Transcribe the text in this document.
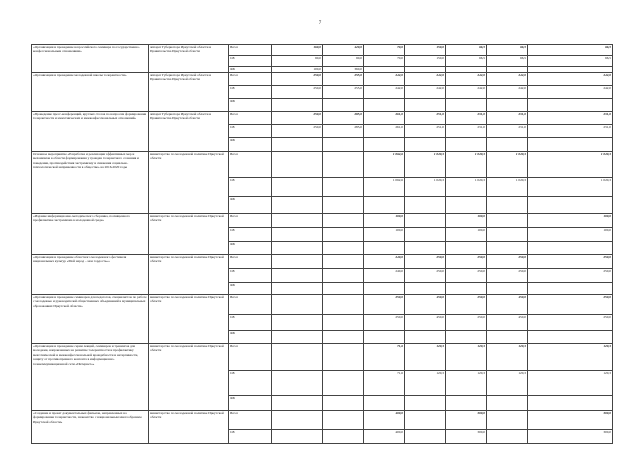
7
«Организация и проведение всероссийского семинара по государственно-конфессиональным отношениям»	аппарат Губернатора Иркутской области и Правительства Иркутской области	Всего	160,0	420,0	70,0	150,0	66,5	66,5	66,5
		ОБ	60,0	60,0	70,0	150,0	66,5	66,5	66,5
		ФБ	100,0	360,0					
«Организация и проведение молодежной школы толерантности»	аппарат Губернатора Иркутской области и Правительства Иркутской области	Всего	250,0	255,0	242,0	242,0	242,0	242,0	242,0
		ОБ	250,0	255,0	242,0	242,0	242,0	242,0	242,0
		ФБ							
«Проведение пресс-конференций, круглых столов по вопросам формирования толерантности и межэтнических и межконфессиональных отношений»	аппарат Губернатора Иркутской области и Правительства Иркутской области	Всего	250,0	285,0	261,0	251,0	231,0	231,0	231,0
		ОБ	250,0	285,0	261,0	251,0	231,0	231,0	231,0
		ФБ							
Основное мероприятие «Разработка и реализация эффективных мер и механизмов в области формирования у граждан толерантного сознания и поведения, противодействия экстремизму и снижения социально-психологической напряженности в обществе» на 2016-2020 годы	министерство по молодежной политике Иркутской области	Всего			1 062,6	1 020,3	1 020,3	1 020,3	1 020,3
		ОБ			1 062,6	1 020,3	1 020,3	1 020,3	1 020,3
		ФБ							
«Издание информационно-методического сборника, посвященного профилактике экстремизма в молодежной среде»	министерство по молодежной политике Иркутской области	Всего			100,0		100,0		100,0
		ОБ			100,0		100,0		100,0
		ФБ							
«Организация и проведение областного молодежного фестиваля национальных культур «Мой народ – моя гордость»»	министерство по молодежной политике Иркутской области	Всего			240,0	250,0	250,0	250,0	250,0
		ОБ			240,0	250,0	250,0	250,0	250,0
		ФБ							
«Организация и проведение семинаров для педагогов, специалистов по работе с молодежью и руководителей общественных объединений в муниципальных образованиях Иркутской области»	министерство по молодежной политике Иркутской области	Всего			250,0	450,0	250,0	450,0	250,0
		ОБ			250,0	450,0	250,0	450,0	250,0
		ФБ							
«Организация и проведение серии лекций, семинаров и тренингов для молодежи, направленных на развитие толерантности и профилактику межэтнической и межконфессиональной враждебности и нетерпимости, защиту от противоправного контента в информационно-телекоммуникационной сети «Интернет»»	министерство по молодежной политике Иркутской области	Всего			71,6	120,3	120,3	120,3	120,3
		ОБ			71,6	120,3	120,3	120,3	120,3
		ФБ							
«Создание и прокат документальных фильмов, направленных на формирование толерантности, знакомство с национальным многообразием Иркутской области»	министерство по молодежной политике Иркутской области	Всего			400,0		300,0		300,0
		ОБ			400,0		300,0		300,0
